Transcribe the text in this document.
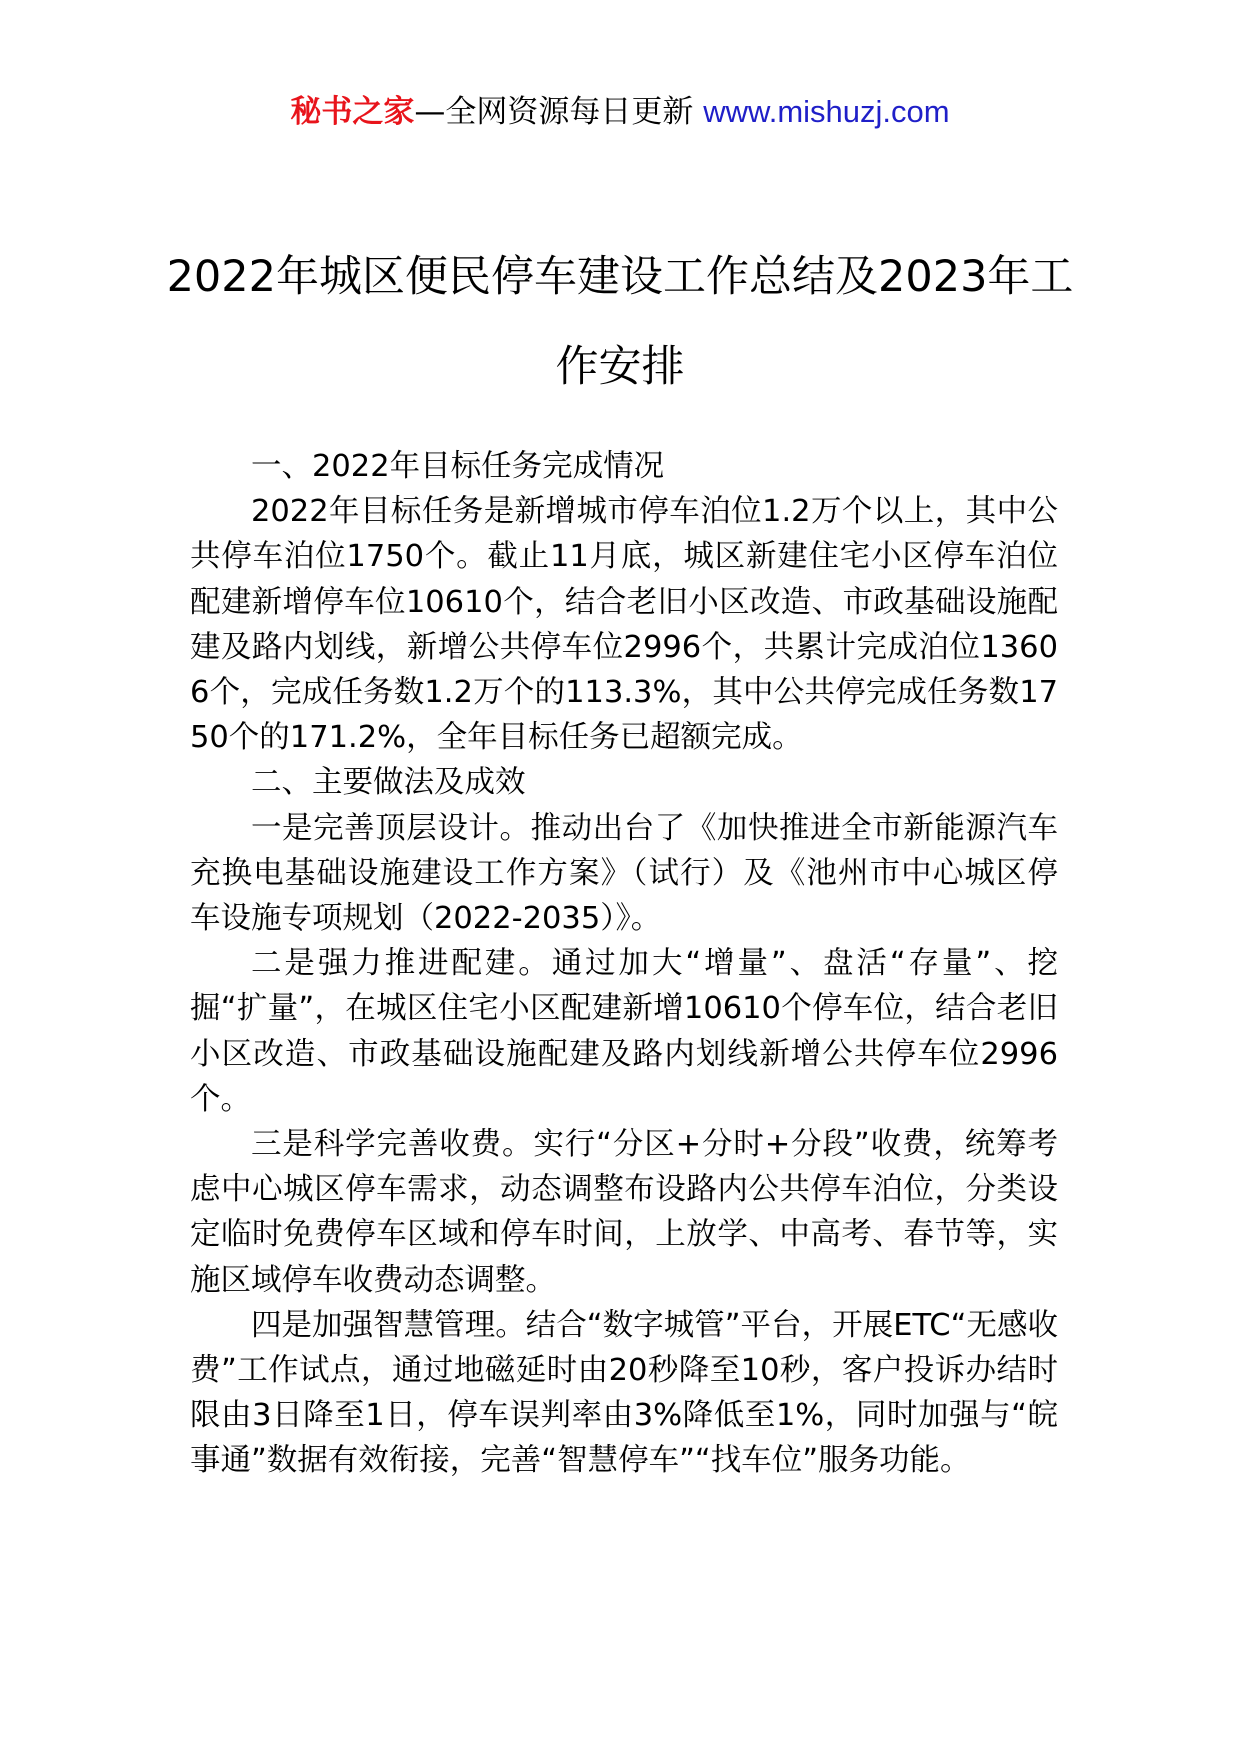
秘书之家—全网资源每日更新 www.mishuzj.com
2022年城区便民停车建设工作总结及2023年工作安排

一、2022年目标任务完成情况

2022年目标任务是新增城市停车泊位1.2万个以上，其中公共停车泊位1750个。截止11月底，城区新建住宅小区停车泊位配建新增停车位10610个，结合老旧小区改造、市政基础设施配建及路内划线，新增公共停车位2996个，共累计完成泊位13606个，完成任务数1.2万个的113.3%，其中公共停完成任务数1750个的171.2%，全年目标任务已超额完成。

二、主要做法及成效

一是完善顶层设计。推动出台了《加快推进全市新能源汽车充换电基础设施建设工作方案》（试行）及《池州市中心城区停车设施专项规划（2022-2035）》。

二是强力推进配建。通过加大“增量”、盘活“存量”、挖掘“扩量”，在城区住宅小区配建新增10610个停车位，结合老旧小区改造、市政基础设施配建及路内划线新增公共停车位2996个。

三是科学完善收费。实行“分区+分时+分段”收费，统筹考虑中心城区停车需求，动态调整布设路内公共停车泊位，分类设定临时免费停车区域和停车时间，上放学、中高考、春节等，实施区域停车收费动态调整。

四是加强智慧管理。结合“数字城管”平台，开展ETC“无感收费”工作试点，通过地磁延时由20秒降至10秒，客户投诉办结时限由3日降至1日，停车误判率由3%降低至1%，同时加强与“皖事通”数据有效衔接，完善“智慧停车”“找车位”服务功能。
